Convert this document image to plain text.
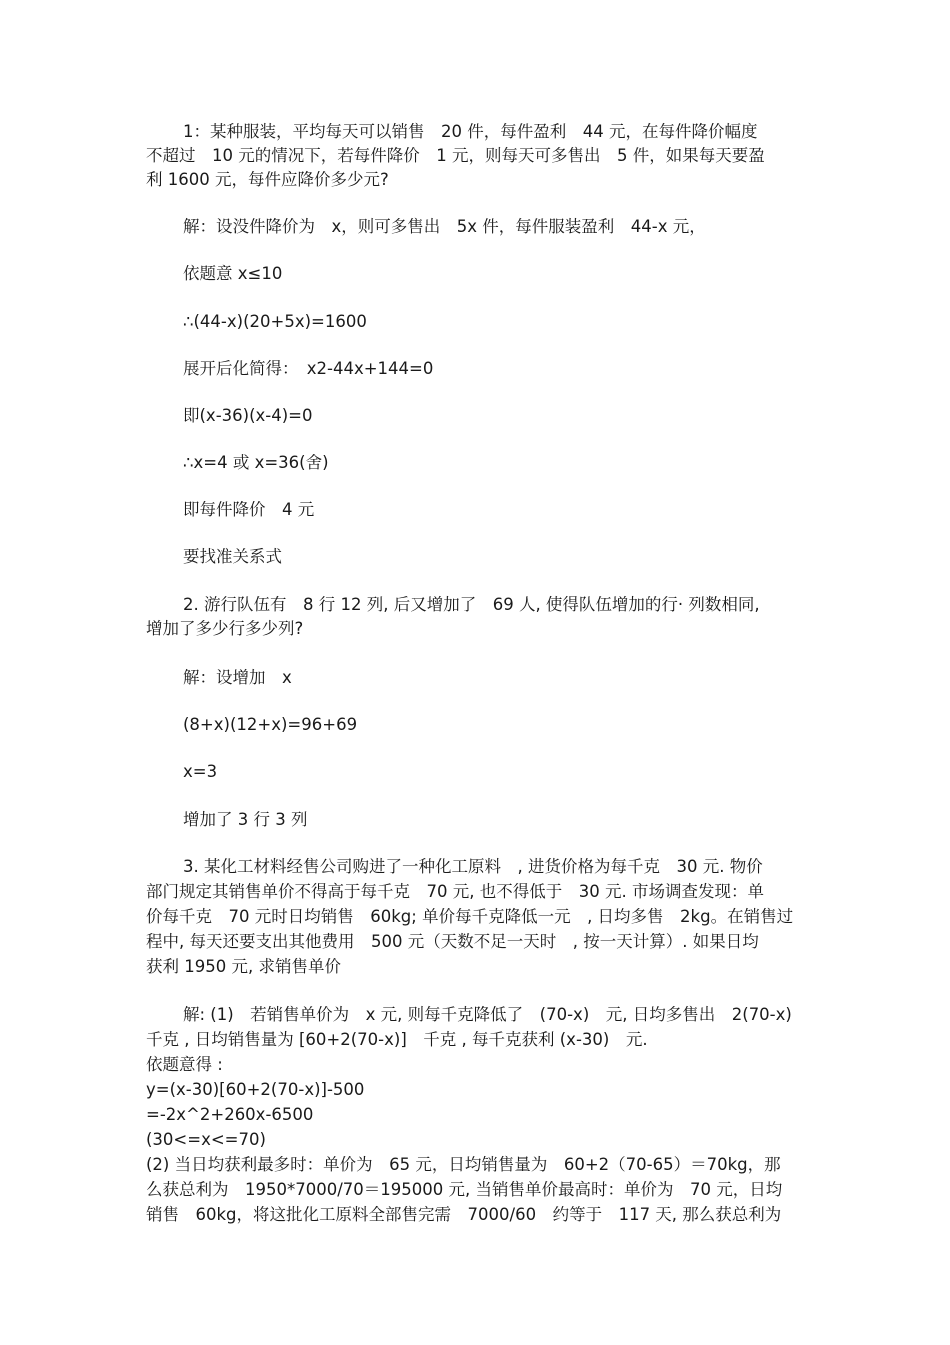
1：某种服装，平均每天可以销售　20 件，每件盈利　44 元，在每件降价幅度
不超过　10 元的情况下，若每件降价　1 元，则每天可多售出　5 件，如果每天要盈
利 1600 元，每件应降价多少元?
解：设没件降价为　x，则可多售出　5x 件，每件服装盈利　44-x 元，
依题意 x≤10
∴(44-x)(20+5x)=1600
展开后化简得：　x2-44x+144=0
即(x-36)(x-4)=0
∴x=4 或 x=36(舍)
即每件降价　4 元
要找准关系式
2. 游行队伍有　8 行 12 列, 后又增加了　69 人, 使得队伍增加的行· 列数相同,
增加了多少行多少列?
解：设增加　x
(8+x)(12+x)=96+69
x=3
增加了 3 行 3 列
3. 某化工材料经售公司购进了一种化工原料　, 进货价格为每千克　30 元. 物价
部门规定其销售单价不得高于每千克　70 元, 也不得低于　30 元. 市场调查发现：单
价每千克　70 元时日均销售　60kg; 单价每千克降低一元　, 日均多售　2kg。在销售过
程中, 每天还要支出其他费用　500 元（天数不足一天时　, 按一天计算）. 如果日均
获利 1950 元, 求销售单价
解: (1)　若销售单价为　x 元, 则每千克降低了　(70-x)　元, 日均多售出　2(70-x)
千克 , 日均销售量为 [60+2(70-x)]　千克 , 每千克获利 (x-30)　元.
依题意得 :
y=(x-30)[60+2(70-x)]-500
=-2x^2+260x-6500
(30<=x<=70)
(2) 当日均获利最多时：单价为　65 元，日均销售量为　60+2（70-65）＝70kg，那
么获总利为　1950*7000/70＝195000 元, 当销售单价最高时：单价为　70 元，日均
销售　60kg，将这批化工原料全部售完需　7000/60　约等于　117 天, 那么获总利为
